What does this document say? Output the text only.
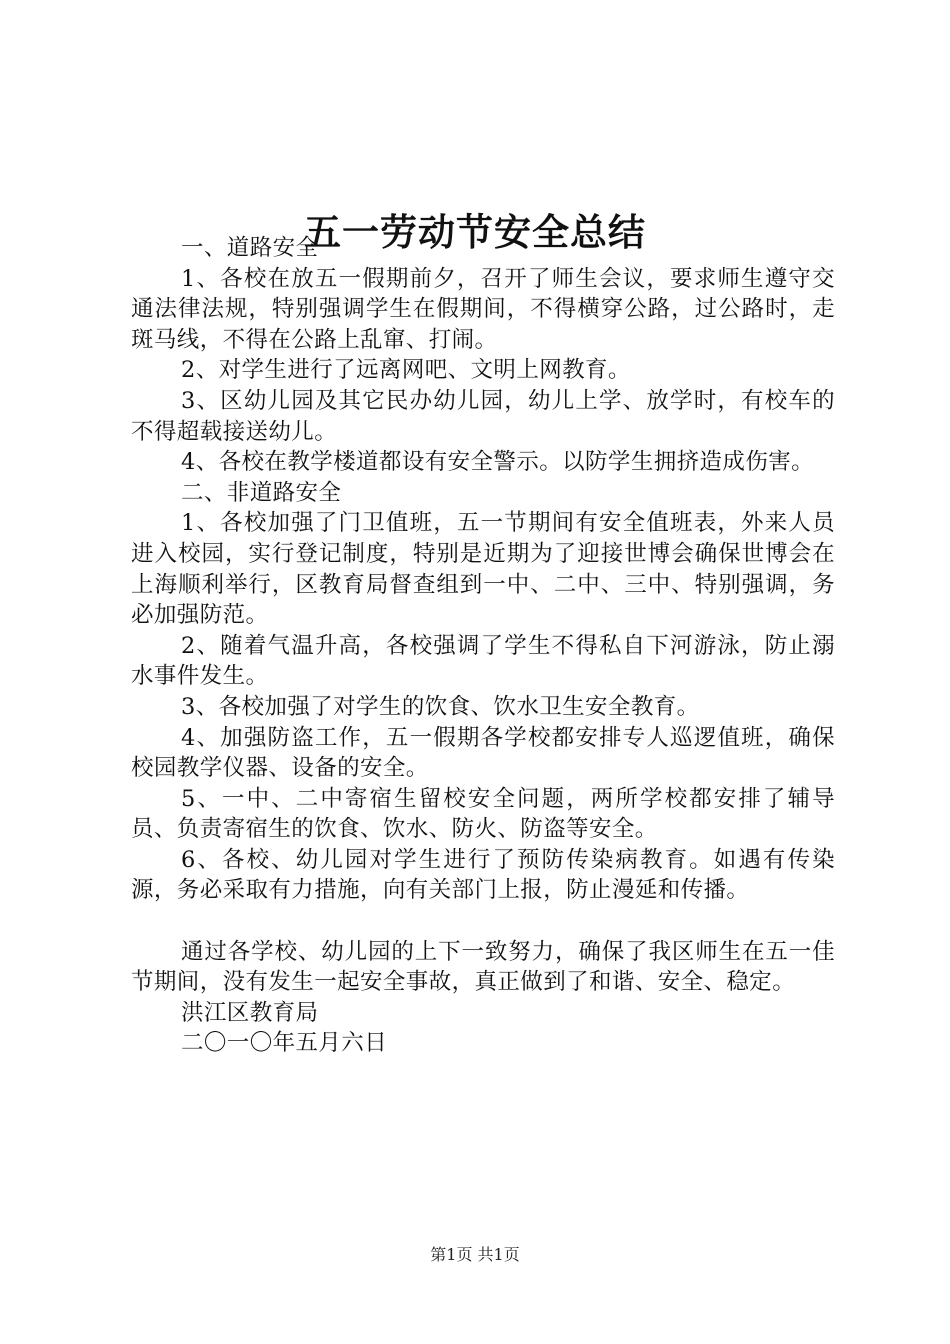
五一劳动节安全总结

一、道路安全

1、各校在放五一假期前夕，召开了师生会议，要求师生遵守交通法律法规，特别强调学生在假期间，不得横穿公路，过公路时，走斑马线，不得在公路上乱窜、打闹。

2、对学生进行了远离网吧、文明上网教育。

3、区幼儿园及其它民办幼儿园，幼儿上学、放学时，有校车的不得超载接送幼儿。

4、各校在教学楼道都设有安全警示。以防学生拥挤造成伤害。

二、非道路安全

1、各校加强了门卫值班，五一节期间有安全值班表，外来人员进入校园，实行登记制度，特别是近期为了迎接世博会确保世博会在上海顺利举行，区教育局督查组到一中、二中、三中、特别强调，务必加强防范。

2、随着气温升高，各校强调了学生不得私自下河游泳，防止溺水事件发生。

3、各校加强了对学生的饮食、饮水卫生安全教育。

4、加强防盗工作，五一假期各学校都安排专人巡逻值班，确保校园教学仪器、设备的安全。

5、一中、二中寄宿生留校安全问题，两所学校都安排了辅导员、负责寄宿生的饮食、饮水、防火、防盗等安全。

6、各校、幼儿园对学生进行了预防传染病教育。如遇有传染源，务必采取有力措施，向有关部门上报，防止漫延和传播。

通过各学校、幼儿园的上下一致努力，确保了我区师生在五一佳节期间，没有发生一起安全事故，真正做到了和谐、安全、稳定。

洪江区教育局

二〇一〇年五月六日

第1页 共1页
